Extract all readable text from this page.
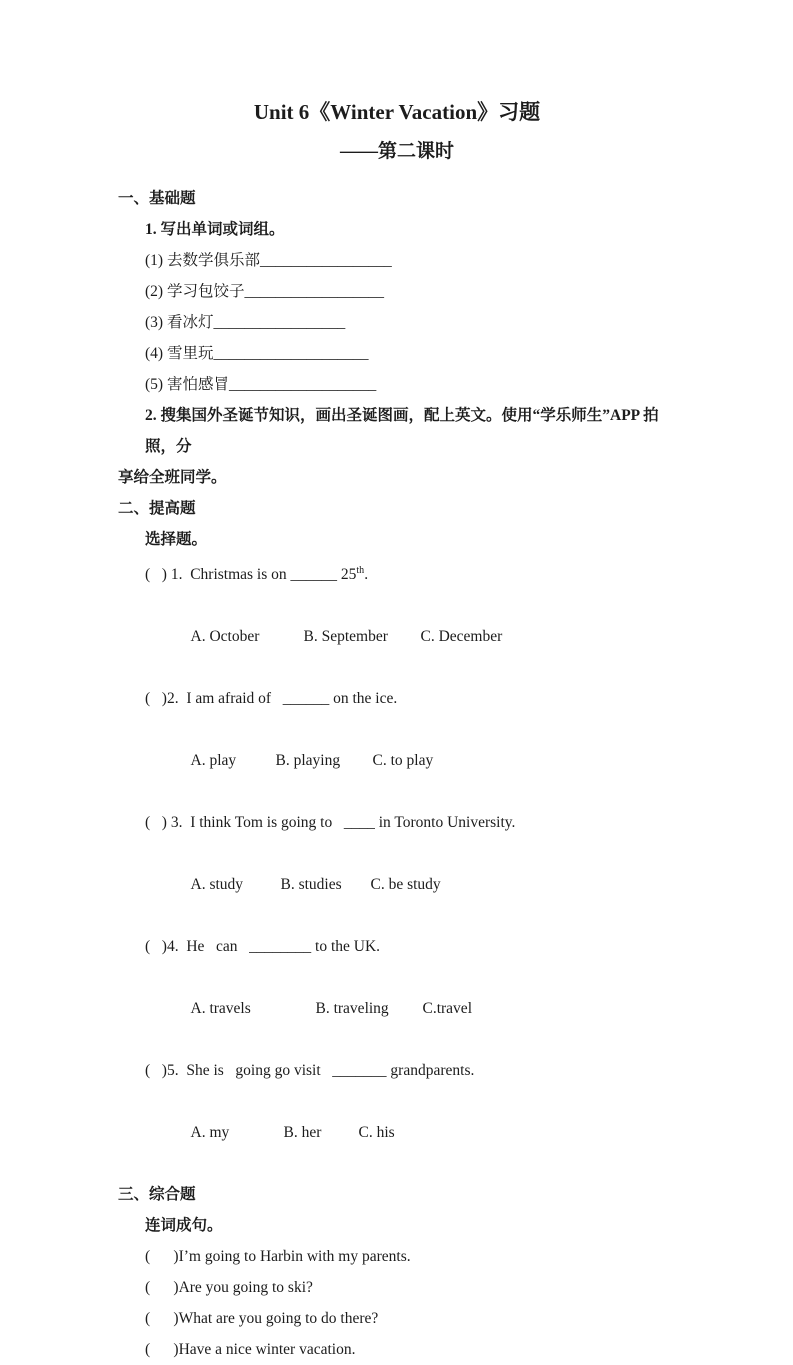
Unit 6《Winter Vacation》习题
——第二课时
一、基础题
1. 写出单词或词组。
(1) 去数学俱乐部_________________
(2) 学习包饺子__________________
(3) 看冰灯_________________
(4) 雪里玩____________________
(5) 害怕感冒___________________
2. 搜集国外圣诞节知识，画出圣诞图画，配上英文。使用“学乐师生”APP 拍照，分
享给全班同学。
二、提高题
选择题。
(   ) 1.  Christmas is on ______ 25th.

A. October	B. September C. December

(   )2.  I am afraid of   ______ on the ice.

A. play	B. playing C. to play

(   ) 3.  I think Tom is going to   ____ in Toronto University.

A. study B. studies C. be study

(   )4.  He   can   ________ to the UK.

A. travels	B. traveling C.travel

(   )5.  She is   going go visit   _______ grandparents.

A. my	B. her C. his

三、综合题
连词成句。
(      )I’m going to Harbin with my parents.
(      )Are you going to ski?
(      )What are you going to do there?
(      )Have a nice winter vacation.
